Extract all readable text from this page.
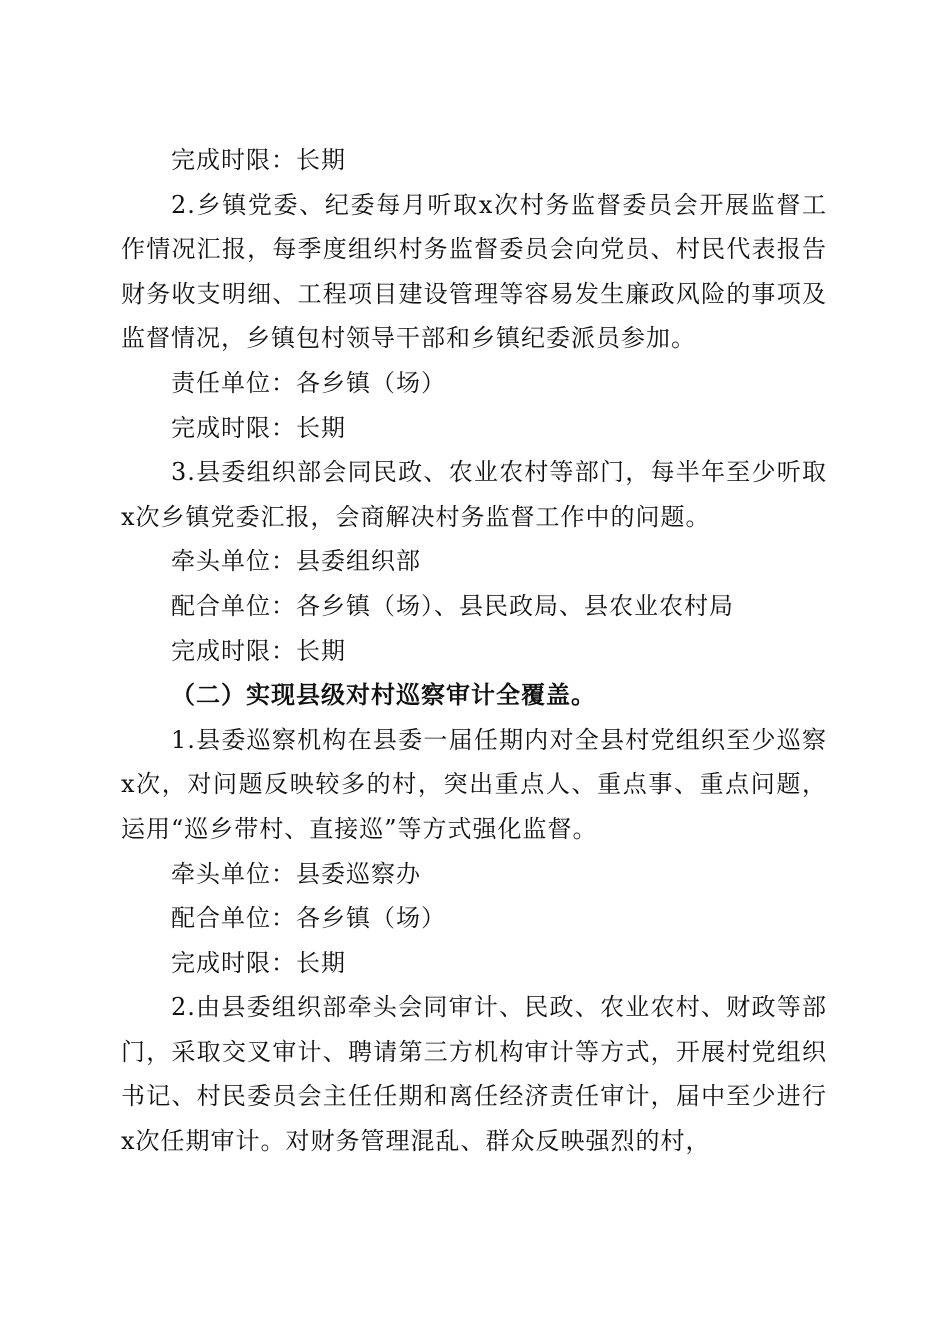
完成时限：长期

2.乡镇党委、纪委每月听取x次村务监督委员会开展监督工作情况汇报，每季度组织村务监督委员会向党员、村民代表报告财务收支明细、工程项目建设管理等容易发生廉政风险的事项及监督情况，乡镇包村领导干部和乡镇纪委派员参加。

责任单位：各乡镇（场）

完成时限：长期

3.县委组织部会同民政、农业农村等部门，每半年至少听取x次乡镇党委汇报，会商解决村务监督工作中的问题。

牵头单位：县委组织部

配合单位：各乡镇（场）、县民政局、县农业农村局

完成时限：长期

（二）实现县级对村巡察审计全覆盖。

1.县委巡察机构在县委一届任期内对全县村党组织至少巡察x次，对问题反映较多的村，突出重点人、重点事、重点问题，运用“巡乡带村、直接巡”等方式强化监督。

牵头单位：县委巡察办

配合单位：各乡镇（场）

完成时限：长期

2.由县委组织部牵头会同审计、民政、农业农村、财政等部门，采取交叉审计、聘请第三方机构审计等方式，开展村党组织书记、村民委员会主任任期和离任经济责任审计，届中至少进行x次任期审计。对财务管理混乱、群众反映强烈的村，
